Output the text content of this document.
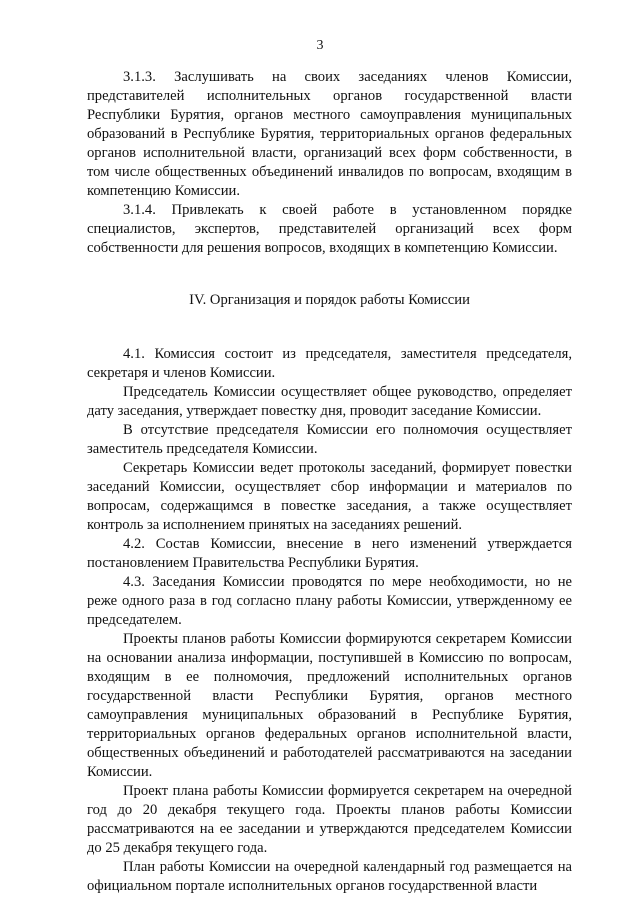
3

3.1.3. Заслушивать на своих заседаниях членов Комиссии, представителей исполнительных органов государственной власти Республики Бурятия, органов местного самоуправления муниципальных образований в Республике Бурятия, территориальных органов федеральных органов исполнительной власти, организаций всех форм собственности, в том числе общественных объединений инвалидов по вопросам, входящим в компетенцию Комиссии.

3.1.4. Привлекать к своей работе в установленном порядке специалистов, экспертов, представителей организаций всех форм собственности для решения вопросов, входящих в компетенцию Комиссии.

IV. Организация и порядок работы Комиссии

4.1. Комиссия состоит из председателя, заместителя председателя, секретаря и членов Комиссии.

Председатель Комиссии осуществляет общее руководство, определяет дату заседания, утверждает повестку дня, проводит заседание Комиссии.

В отсутствие председателя Комиссии его полномочия осуществляет заместитель председателя Комиссии.

Секретарь Комиссии ведет протоколы заседаний, формирует повестки заседаний Комиссии, осуществляет сбор информации и материалов по вопросам, содержащимся в повестке заседания, а также осуществляет контроль за исполнением принятых на заседаниях решений.

4.2. Состав Комиссии, внесение в него изменений утверждается постановлением Правительства Республики Бурятия.

4.3. Заседания Комиссии проводятся по мере необходимости, но не реже одного раза в год согласно плану работы Комиссии, утвержденному ее председателем.

Проекты планов работы Комиссии формируются секретарем Комиссии на основании анализа информации, поступившей в Комиссию по вопросам, входящим в ее полномочия, предложений исполнительных органов государственной власти Республики Бурятия, органов местного самоуправления муниципальных образований в Республике Бурятия, территориальных органов федеральных органов исполнительной власти, общественных объединений и работодателей рассматриваются на заседании Комиссии.

Проект плана работы Комиссии формируется секретарем на очередной год до 20 декабря текущего года. Проекты планов работы Комиссии рассматриваются на ее заседании и утверждаются председателем Комиссии до 25 декабря текущего года.

План работы Комиссии на очередной календарный год размещается на официальном портале исполнительных органов государственной власти
